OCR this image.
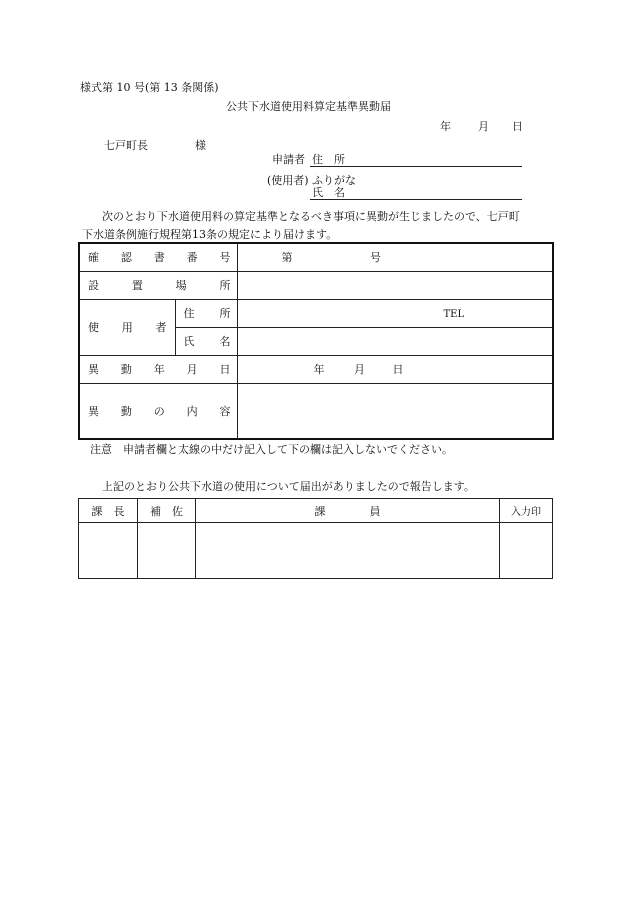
様式第 10 号(第 13 条関係)
公共下水道使用料算定基準異動届
年 月 日
七戸町長	様
申請者 住　所
(使用者) ふりがな
氏　名
次のとおり下水道使用料の算定基準となるべき事項に異動が生じましたので、七戸町
下水道条例施行規程第13条の規定により届けます。
確 認 書 番 号		第 号

設 置 場 所		

使 用 者	住 所	TEL

	氏 名	

異 動 年 月 日		年 月 日

異 動 の 内 容		

注意　申請者欄と太線の中だけ記入して下の欄は記入しないでください。
上記のとおり公共下水道の使用について届出がありましたので報告します。
課　長	補　佐	課　　　　員	入力印
